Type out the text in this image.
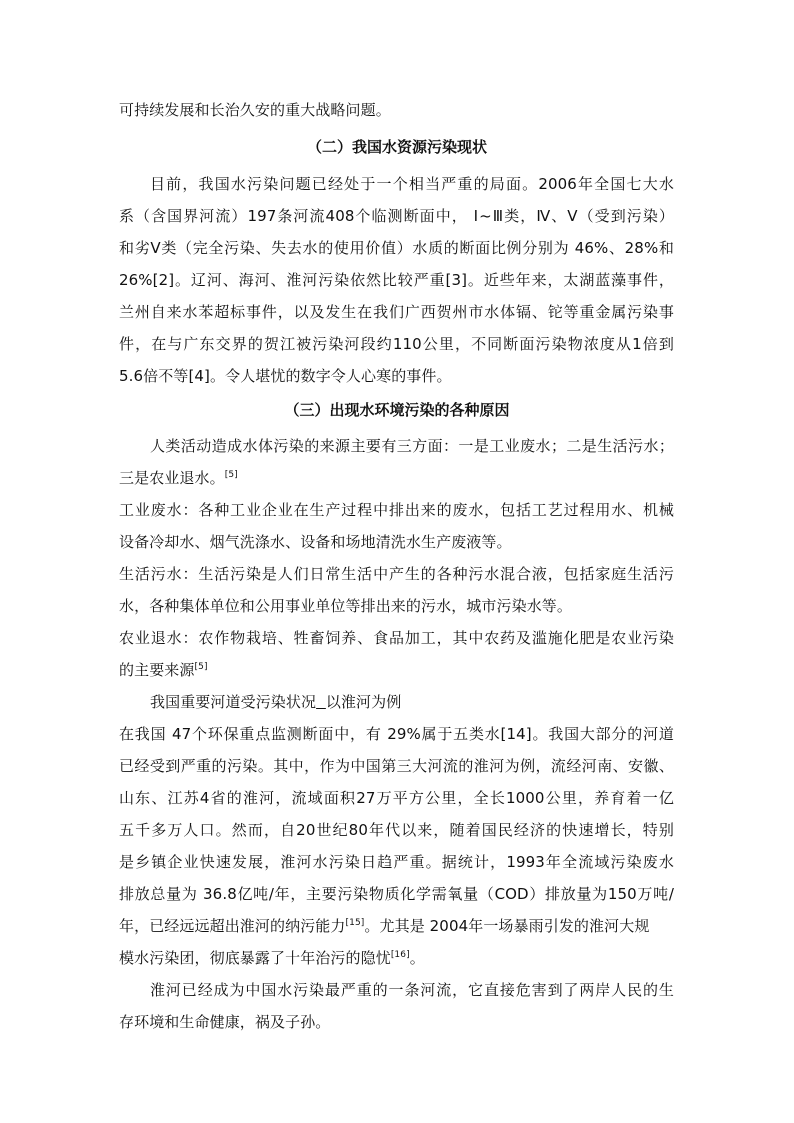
可持续发展和长治久安的重大战略问题。
（二）我国水资源污染现状
目前，我国水污染问题已经处于一个相当严重的局面。2006年全国七大水
系（含国界河流）197条河流408个临测断面中， Ⅰ~Ⅲ类，Ⅳ、Ⅴ（受到污染）
和劣Ⅴ类（完全污染、失去水的使用价值）水质的断面比例分别为 46%、28%和
26%[2]。辽河、海河、淮河污染依然比较严重[3]。近些年来，太湖蓝藻事件，
兰州自来水苯超标事件，以及发生在我们广西贺州市水体镉、铊等重金属污染事
件，在与广东交界的贺江被污染河段约110公里，不同断面污染物浓度从1倍到
5.6倍不等[4]。令人堪忧的数字令人心寒的事件。
（三）出现水环境污染的各种原因
人类活动造成水体污染的来源主要有三方面：一是工业废水；二是生活污水；
三是农业退水。[5]
工业废水：各种工业企业在生产过程中排出来的废水，包括工艺过程用水、机械
设备冷却水、烟气洗涤水、设备和场地清洗水生产废液等。
生活污水：生活污染是人们日常生活中产生的各种污水混合液，包括家庭生活污
水，各种集体单位和公用事业单位等排出来的污水，城市污染水等。
农业退水：农作物栽培、牲畜饲养、食品加工，其中农药及滥施化肥是农业污染
的主要来源[5]
我国重要河道受污染状况 以淮河为例
在我国 47个环保重点监测断面中，有 29%属于五类水[14]。我国大部分的河道
已经受到严重的污染。其中，作为中国第三大河流的淮河为例，流经河南、安徽、
山东、江苏4省的淮河，流域面积27万平方公里，全长1000公里，养育着一亿
五千多万人口。然而，自20世纪80年代以来，随着国民经济的快速增长，特别
是乡镇企业快速发展，淮河水污染日趋严重。据统计，1993年全流域污染废水
排放总量为 36.8亿吨/年，主要污染物质化学需氧量（COD）排放量为150万吨/
年，已经远远超出淮河的纳污能力[15]。尤其是 2004年一场暴雨引发的淮河大规
模水污染团，彻底暴露了十年治污的隐忧[16]。
淮河已经成为中国水污染最严重的一条河流，它直接危害到了两岸人民的生
存环境和生命健康，祸及子孙。
